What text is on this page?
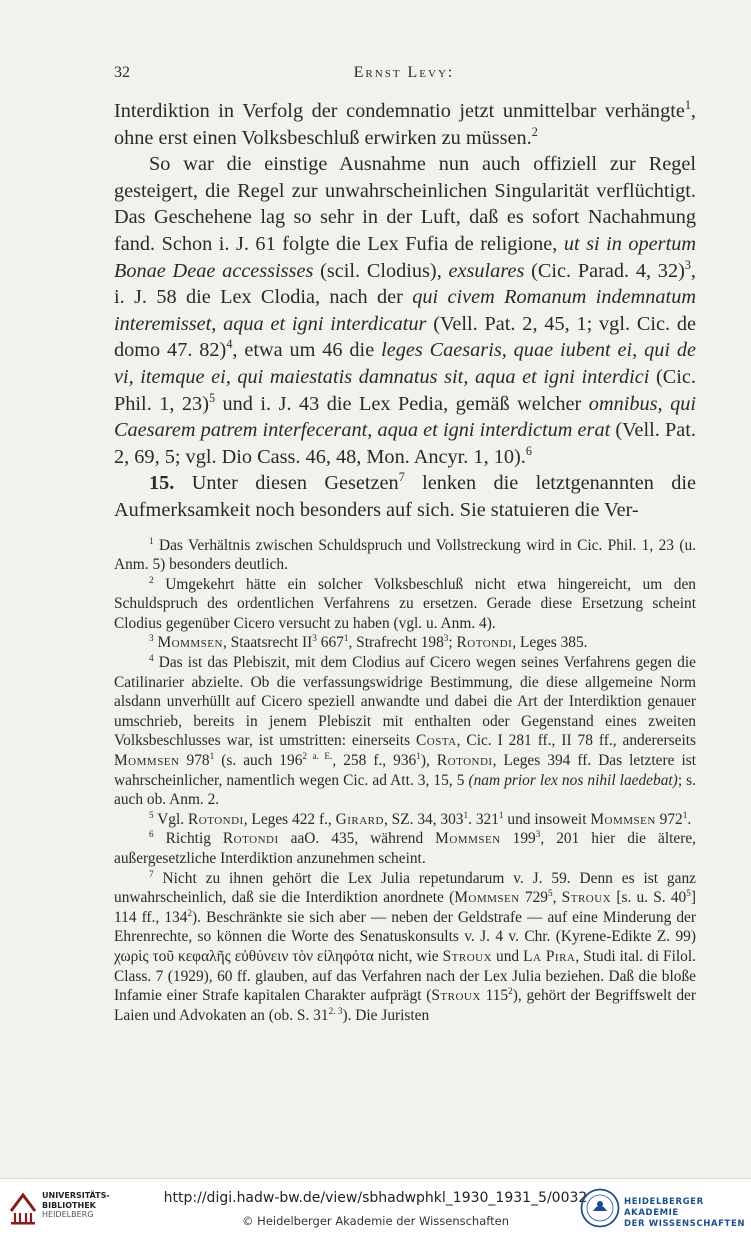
32	Ernst Levy:

Interdiktion in Verfolg der condemnatio jetzt unmittelbar verhängte$^1$, ohne erst einen Volksbeschluß erwirken zu müssen.$^2$

So war die einstige Ausnahme nun auch offiziell zur Regel gesteigert, die Regel zur unwahrscheinlichen Singularität verflüchtigt. Das Geschehene lag so sehr in der Luft, daß es sofort Nachahmung fand. Schon i. J. 61 folgte die Lex Fufia de religione, ut si in opertum Bonae Deae accessisses (scil. Clodius), exsulares (Cic. Parad. 4, 32)$^3$, i. J. 58 die Lex Clodia, nach der qui civem Romanum indemnatum interemisset, aqua et igni interdicatur (Vell. Pat. 2, 45, 1; vgl. Cic. de domo 47. 82)$^4$, etwa um 46 die leges Caesaris, quae iubent ei, qui de vi, itemque ei, qui maiestatis damnatus sit, aqua et igni interdici (Cic. Phil. 1, 23)$^5$ und i. J. 43 die Lex Pedia, gemäß welcher omnibus, qui Caesarem patrem interfecerant, aqua et igni interdictum erat (Vell. Pat. 2, 69, 5; vgl. Dio Cass. 46, 48, Mon. Ancyr. 1, 10).$^6$

15. Unter diesen Gesetzen$^7$ lenken die letztgenannten die Aufmerksamkeit noch besonders auf sich. Sie statuieren die Ver-

$^1$ Das Verhältnis zwischen Schuldspruch und Vollstreckung wird in Cic. Phil. 1, 23 (u. Anm. 5) besonders deutlich.

$^2$ Umgekehrt hätte ein solcher Volksbeschluß nicht etwa hingereicht, um den Schuldspruch des ordentlichen Verfahrens zu ersetzen. Gerade diese Ersetzung scheint Clodius gegenüber Cicero versucht zu haben (vgl. u. Anm. 4).

$^3$ Mommsen, Staatsrecht $II^3$ $667^1$, Strafrecht $198^3$; Rotondi, Leges 385.

$^4$ Das ist das Plebiszit, mit dem Clodius auf Cicero wegen seines Verfahrens gegen die Catilinarier abzielte. Ob die verfassungswidrige Bestimmung, die diese allgemeine Norm alsdann unverhüllt auf Cicero speziell anwandte und dabei die Art der Interdiktion genauer umschrieb, bereits in jenem Plebiszit mit enthalten oder Gegenstand eines zweiten Volksbeschlusses war, ist umstritten: einerseits Costa, Cic. I 281 ff., II 78 ff., andererseits Mommsen $978^1$ (s. auch $196^{2 a. E.}$, 258 f., $936^1$), Rotondi, Leges 394 ff. Das letztere ist wahrscheinlicher, namentlich wegen Cic. ad Att. 3, 15, 5 (nam prior lex nos nihil laedebat); s. auch ob. Anm. 2.

$^5$ Vgl. Rotondi, Leges 422 f., Girard, SZ. 34, $303^1$. $321^1$ und insoweit Mommsen $972^1$.

$^6$ Richtig Rotondi aaO. 435, während Mommsen $199^3$, 201 hier die ältere, außergesetzliche Interdiktion anzunehmen scheint.

$^7$ Nicht zu ihnen gehört die Lex Julia repetundarum v. J. 59. Denn es ist ganz unwahrscheinlich, daß sie die Interdiktion anordnete (Mommsen $729^5$, Stroux [s. u. S. $40^5$] 114 ff., $134^2$). Beschränkte sie sich aber — neben der Geldstrafe — auf eine Minderung der Ehrenrechte, so können die Worte des Senatuskonsults v. J. 4 v. Chr. (Kyrene-Edikte Z. 99) χωρὶς τοῦ κεφαλῆς εὐθύνειν τὸν εἰληφότα nicht, wie Stroux und La Pira, Studi ital. di Filol. Class. 7 (1929), 60 ff. glauben, auf das Verfahren nach der Lex Julia beziehen. Daß die bloße Infamie einer Strafe kapitalen Charakter aufprägt (Stroux $115^2$), gehört der Begriffswelt der Laien und Advokaten an (ob. S. $31^{2. 3}$). Die Juristen

UNIVERSITÄTS-
BIBLIOTHEK
HEIDELBERG
http://digi.hadw-bw.de/view/sbhadwphkl_1930_1931_5/0032
© Heidelberger Akademie der Wissenschaften
HEIDELBERGER AKADEMIE
DER WISSENSCHAFTEN
